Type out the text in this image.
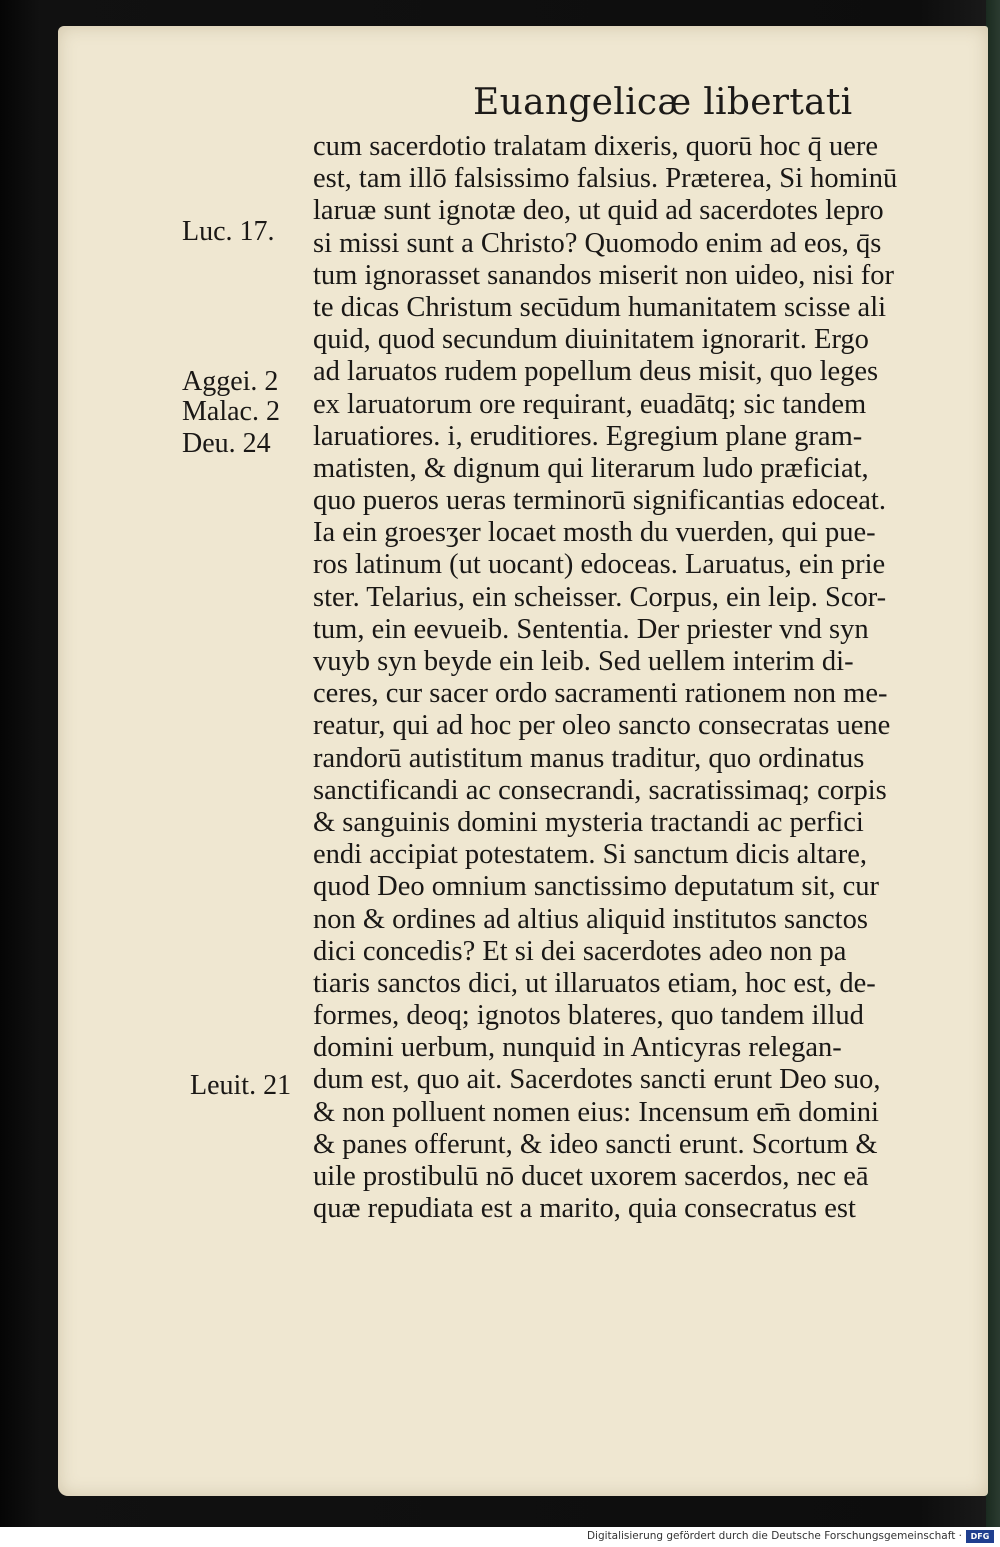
Euangelicæ libertati
cum sacerdotio tralatam dixeris, quorū hoc q̄ uere
est, tam illō falsissimo falsius. Præterea, Si hominū
laruæ sunt ignotæ deo, ut quid ad sacerdotes lepro
si missi sunt a Christo? Quomodo enim ad eos, q̄s
tum ignorasset sanandos miserit non uideo, nisi for
te dicas Christum secūdum humanitatem scisse ali
quid, quod secundum diuinitatem ignorarit. Ergo
ad laruatos rudem popellum deus misit, quo leges
ex laruatorum ore requirant, euadātq; sic tandem
laruatiores. i, eruditiores. Egregium plane gram-
matisten, & dignum qui literarum ludo præficiat,
quo pueros ueras terminorū significantias edoceat.
Ia ein groesʒer locaet mosth du vuerden, qui pue-
ros latinum (ut uocant) edoceas. Laruatus, ein prie
ster. Telarius, ein scheisser. Corpus, ein leip. Scor-
tum, ein eevueib. Sententia. Der priester vnd syn
vuyb syn beyde ein leib. Sed uellem interim di-
ceres, cur sacer ordo sacramenti rationem non me-
reatur, qui ad hoc per oleo sancto consecratas uene
randorū autistitum manus traditur, quo ordinatus
sanctificandi ac consecrandi, sacratissimaq; corpis
& sanguinis domini mysteria tractandi ac perfici
endi accipiat potestatem. Si sanctum dicis altare,
quod Deo omnium sanctissimo deputatum sit, cur
non & ordines ad altius aliquid institutos sanctos
dici concedis? Et si dei sacerdotes adeo non pa
tiaris sanctos dici, ut illaruatos etiam, hoc est, de-
formes, deoq; ignotos blateres, quo tandem illud
domini uerbum, nunquid in Anticyras relegan-
dum est, quo ait. Sacerdotes sancti erunt Deo suo,
& non polluent nomen eius: Incensum em̄ domini
& panes offerunt, & ideo sancti erunt. Scortum &
uile prostibulū nō ducet uxorem sacerdos, nec eā
quæ repudiata est a marito, quia consecratus est
Luc. 17.
Aggei. 2
Malac. 2
Deu. 24
Leuit. 21
Digitalisierung gefördert durch die Deutsche Forschungsgemeinschaft ·	DFG
